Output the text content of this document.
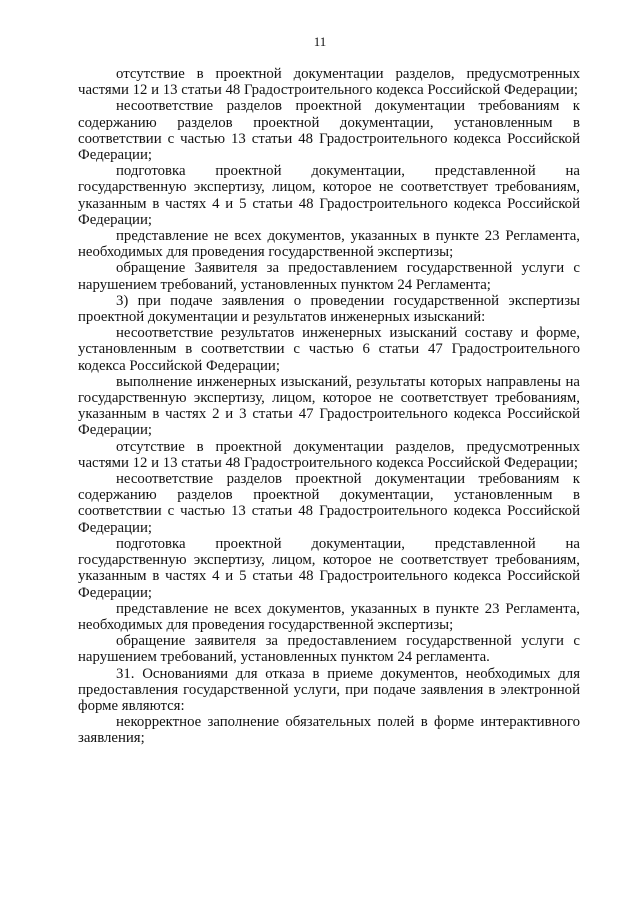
11

отсутствие в проектной документации разделов, предусмотренных частями 12 и 13 статьи 48 Градостроительного кодекса Российской Федерации;

несоответствие разделов проектной документации требованиям к содержанию разделов проектной документации, установленным в соответствии с частью 13 статьи 48 Градостроительного кодекса Российской Федерации;

подготовка проектной документации, представленной на государственную экспертизу, лицом, которое не соответствует требованиям, указанным в частях 4 и 5 статьи 48 Градостроительного кодекса Российской Федерации;

представление не всех документов, указанных в пункте 23 Регламента, необходимых для проведения государственной экспертизы;

обращение Заявителя за предоставлением государственной услуги с нарушением требований, установленных пунктом 24 Регламента;

3) при подаче заявления о проведении государственной экспертизы проектной документации и результатов инженерных изысканий:

несоответствие результатов инженерных изысканий составу и форме, установленным в соответствии с частью 6 статьи 47 Градостроительного кодекса Российской Федерации;

выполнение инженерных изысканий, результаты которых направлены на государственную экспертизу, лицом, которое не соответствует требованиям, указанным в частях 2 и 3 статьи 47 Градостроительного кодекса Российской Федерации;

отсутствие в проектной документации разделов, предусмотренных частями 12 и 13 статьи 48 Градостроительного кодекса Российской Федерации;

несоответствие разделов проектной документации требованиям к содержанию разделов проектной документации, установленным в соответствии с частью 13 статьи 48 Градостроительного кодекса Российской Федерации;

подготовка проектной документации, представленной на государственную экспертизу, лицом, которое не соответствует требованиям, указанным в частях 4 и 5 статьи 48 Градостроительного кодекса Российской Федерации;

представление не всех документов, указанных в пункте 23 Регламента, необходимых для проведения государственной экспертизы;

обращение заявителя за предоставлением государственной услуги с нарушением требований, установленных пунктом 24 регламента.

31. Основаниями для отказа в приеме документов, необходимых для предоставления государственной услуги, при подаче заявления в электронной форме являются:

некорректное заполнение обязательных полей в форме интерактивного заявления;
